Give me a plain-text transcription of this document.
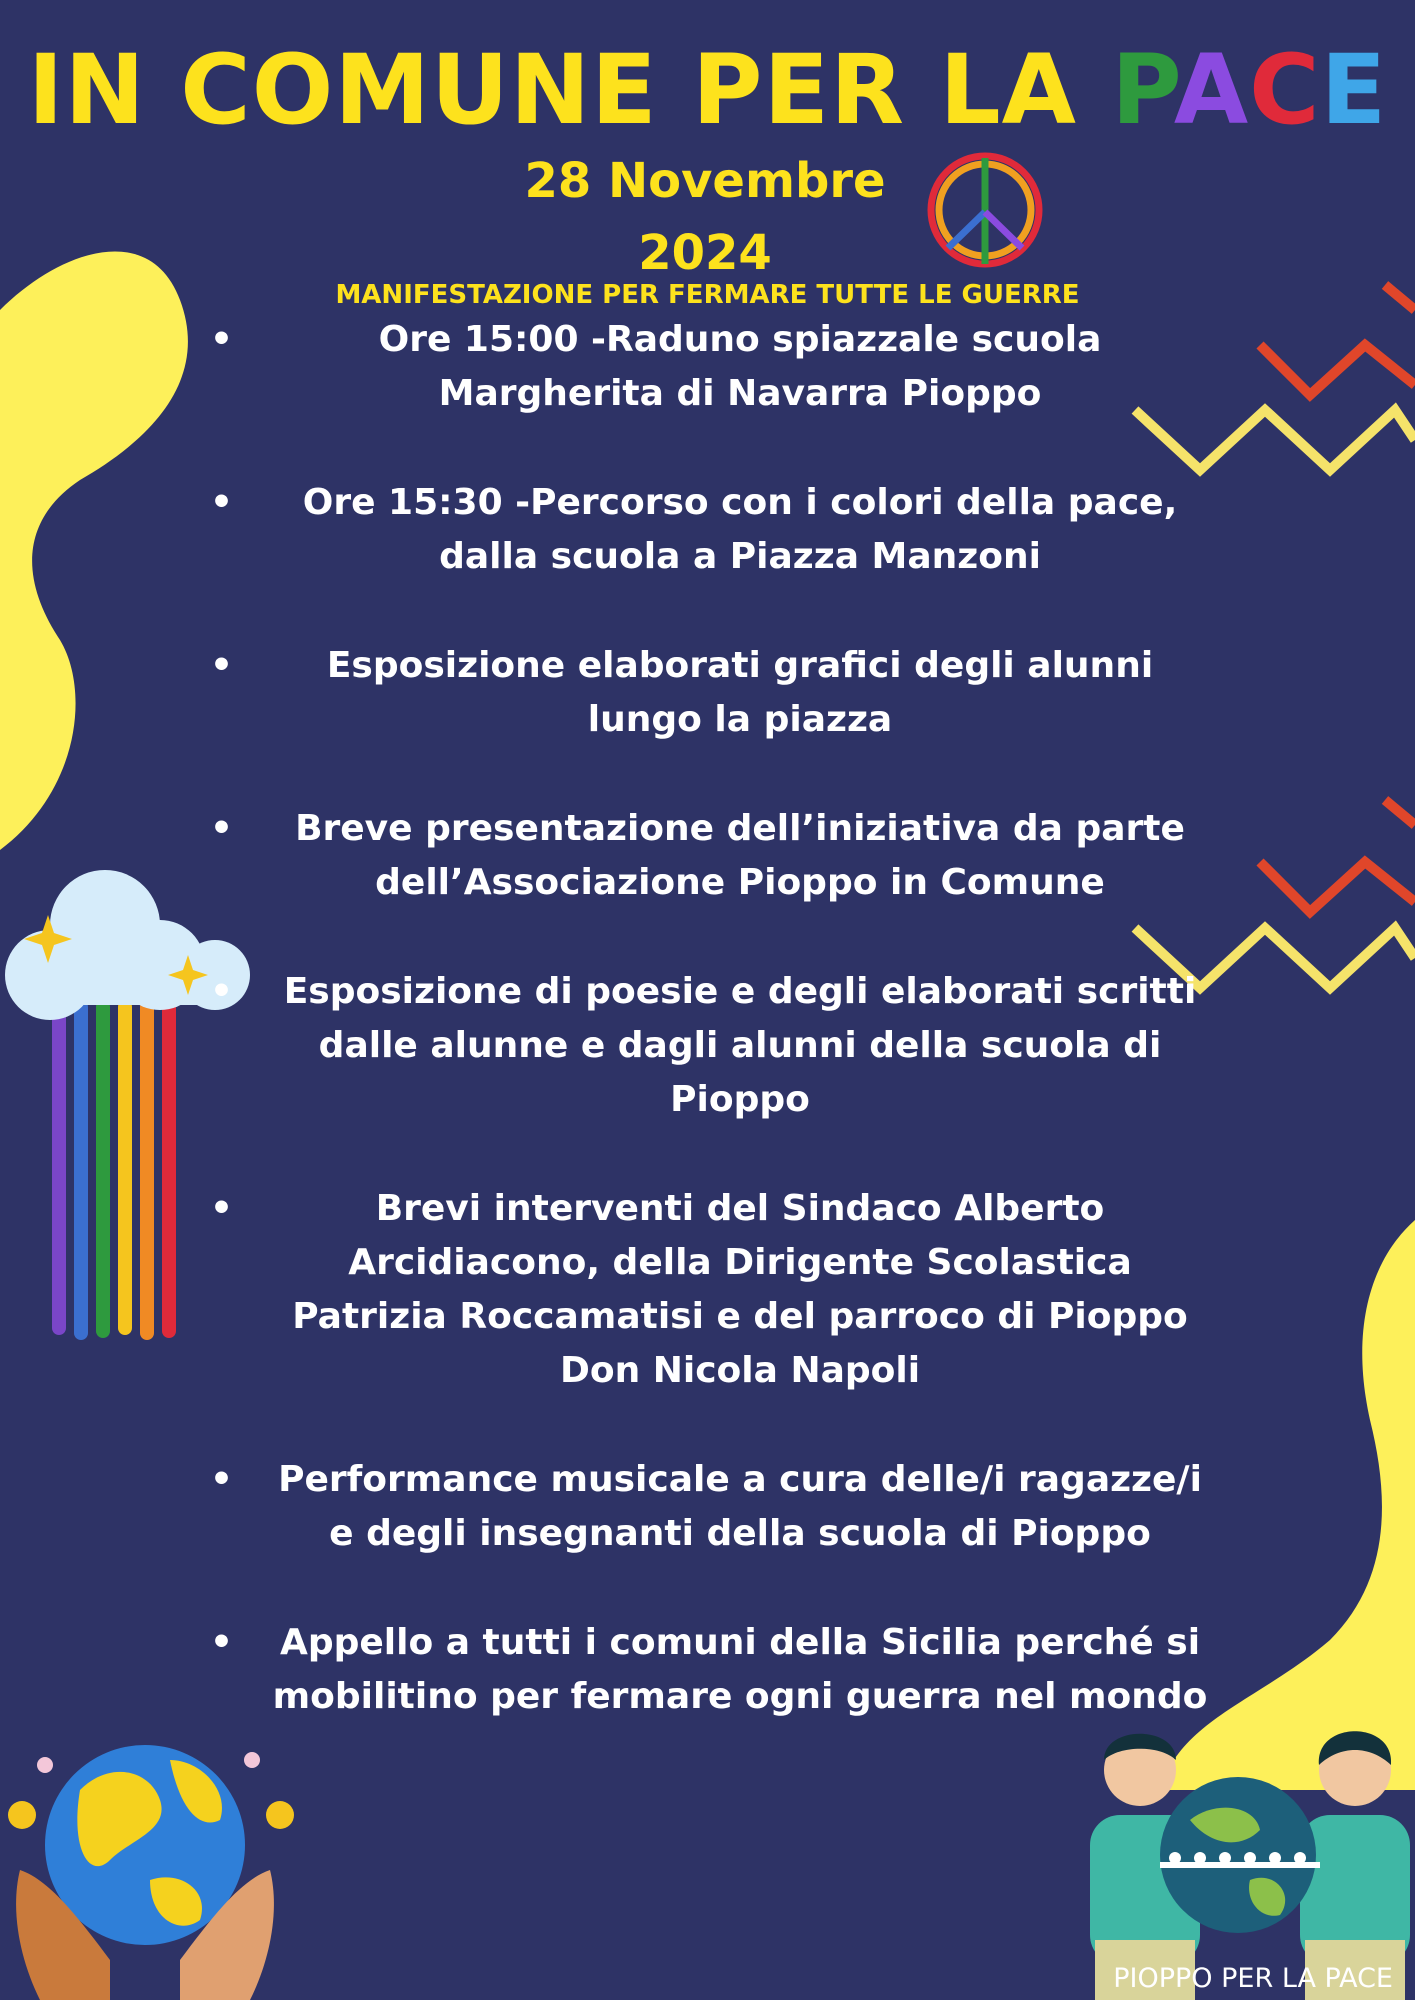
IN COMUNE PER LA PACE
28 Novembre
2024
MANIFESTAZIONE PER FERMARE TUTTE LE GUERRE
• Ore 15:00 -Raduno spiazzale scuola Margherita di Navarra Pioppo
• Ore 15:30 -Percorso con i colori della pace, dalla scuola a Piazza Manzoni
• Esposizione elaborati grafici degli alunni lungo la piazza
• Breve presentazione dell’iniziativa da parte dell’Associazione Pioppo in Comune
• Esposizione di poesie e degli elaborati scritti dalle alunne e dagli alunni della scuola di Pioppo
• Brevi interventi del Sindaco Alberto Arcidiacono, della Dirigente Scolastica Patrizia Roccamatisi e del parroco di Pioppo Don Nicola Napoli
• Performance musicale a cura delle/i ragazze/i e degli insegnanti della scuola di Pioppo
• Appello a tutti i comuni della Sicilia perché si mobilitino per fermare ogni guerra nel mondo
PIOPPO PER LA PACE
